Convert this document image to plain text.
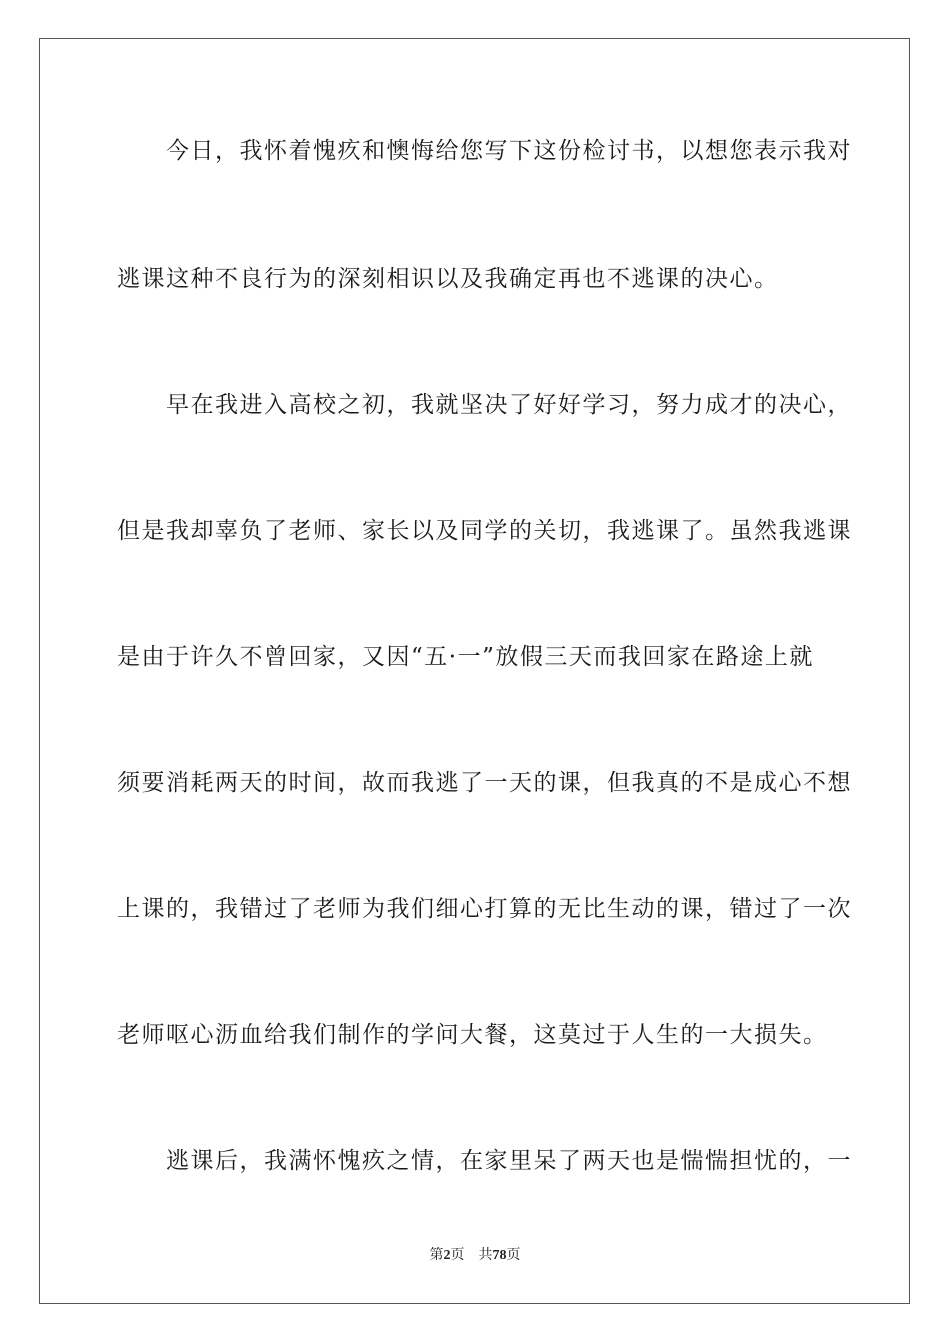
　　今日，我怀着愧疚和懊悔给您写下这份检讨书，以想您表示我对

逃课这种不良行为的深刻相识以及我确定再也不逃课的决心。

　　早在我进入高校之初，我就坚决了好好学习，努力成才的决心，

但是我却辜负了老师、家长以及同学的关切，我逃课了。虽然我逃课

是由于许久不曾回家，又因“五·一”放假三天而我回家在路途上就

须要消耗两天的时间，故而我逃了一天的课，但我真的不是成心不想

上课的，我错过了老师为我们细心打算的无比生动的课，错过了一次

老师呕心沥血给我们制作的学问大餐，这莫过于人生的一大损失。

　　逃课后，我满怀愧疚之情，在家里呆了两天也是惴惴担忧的，一

第2页 共78页
